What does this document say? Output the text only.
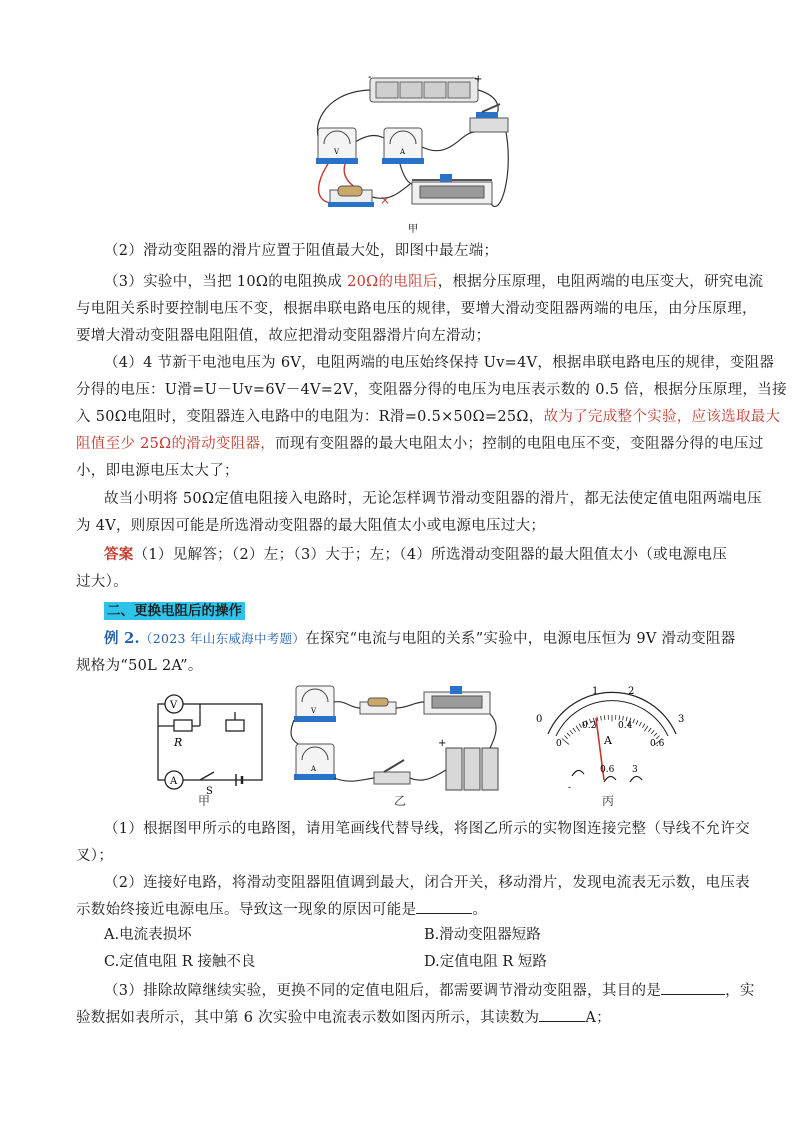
-	+
V	A
×
甲
（2）滑动变阻器的滑片应置于阻值最大处，即图中最左端；
（3）实验中，当把 10Ω的电阻换成 20Ω的电阻后，根据分压原理，电阻两端的电压变大，研究电流
与电阻关系时要控制电压不变，根据串联电路电压的规律，要增大滑动变阻器两端的电压，由分压原理，
要增大滑动变阻器电阻阻值，故应把滑动变阻器滑片向左滑动；
（4）4 节新干电池电压为 6V，电阻两端的电压始终保持 Uv=4V，根据串联电路电压的规律，变阻器
分得的电压：U滑=U－Uv=6V－4V=2V，变阻器分得的电压为电压表示数的 0.5 倍，根据分压原理，当接
入 50Ω电阻时，变阻器连入电路中的电阻为：R滑=0.5×50Ω=25Ω，故为了完成整个实验，应该选取最大
阻值至少 25Ω的滑动变阻器，而现有变阻器的最大电阻太小；控制的电阻电压不变，变阻器分得的电压过
小，即电源电压太大了；
故当小明将 50Ω定值电阻接入电路时，无论怎样调节滑动变阻器的滑片，都无法使定值电阻两端电压
为 4V，则原因可能是所选滑动变阻器的最大阻值太小或电源电压过大；
答案（1）见解答；（2）左；（3）大于；左；（4）所选滑动变阻器的最大阻值太小（或电源电压
过大）。
二、更换电阻后的操作
例 2.（2023 年山东威海中考题）在探究“电流与电阻的关系”实验中，电源电压恒为 9V 滑动变阻器
规格为“50L 2A”。
V
R
A
S
甲
V
A
+
乙
0
1	2
3
0
0.2 0.4
0.6
A
-
0.6 3
丙
（1）根据图甲所示的电路图，请用笔画线代替导线，将图乙所示的实物图连接完整（导线不允许交
叉）；
（2）连接好电路，将滑动变阻器阻值调到最大，闭合开关，移动滑片，发现电流表无示数，电压表
示数始终接近电源电压。导致这一现象的原因可能是	。
A.电流表损坏	B.滑动变阻器短路
C.定值电阻 R 接触不良	D.定值电阻 R 短路
（3）排除故障继续实验，更换不同的定值电阻后，都需要调节滑动变阻器，其目的是	，实
验数据如表所示，其中第 6 次实验中电流表示数如图丙所示，其读数为	A；
